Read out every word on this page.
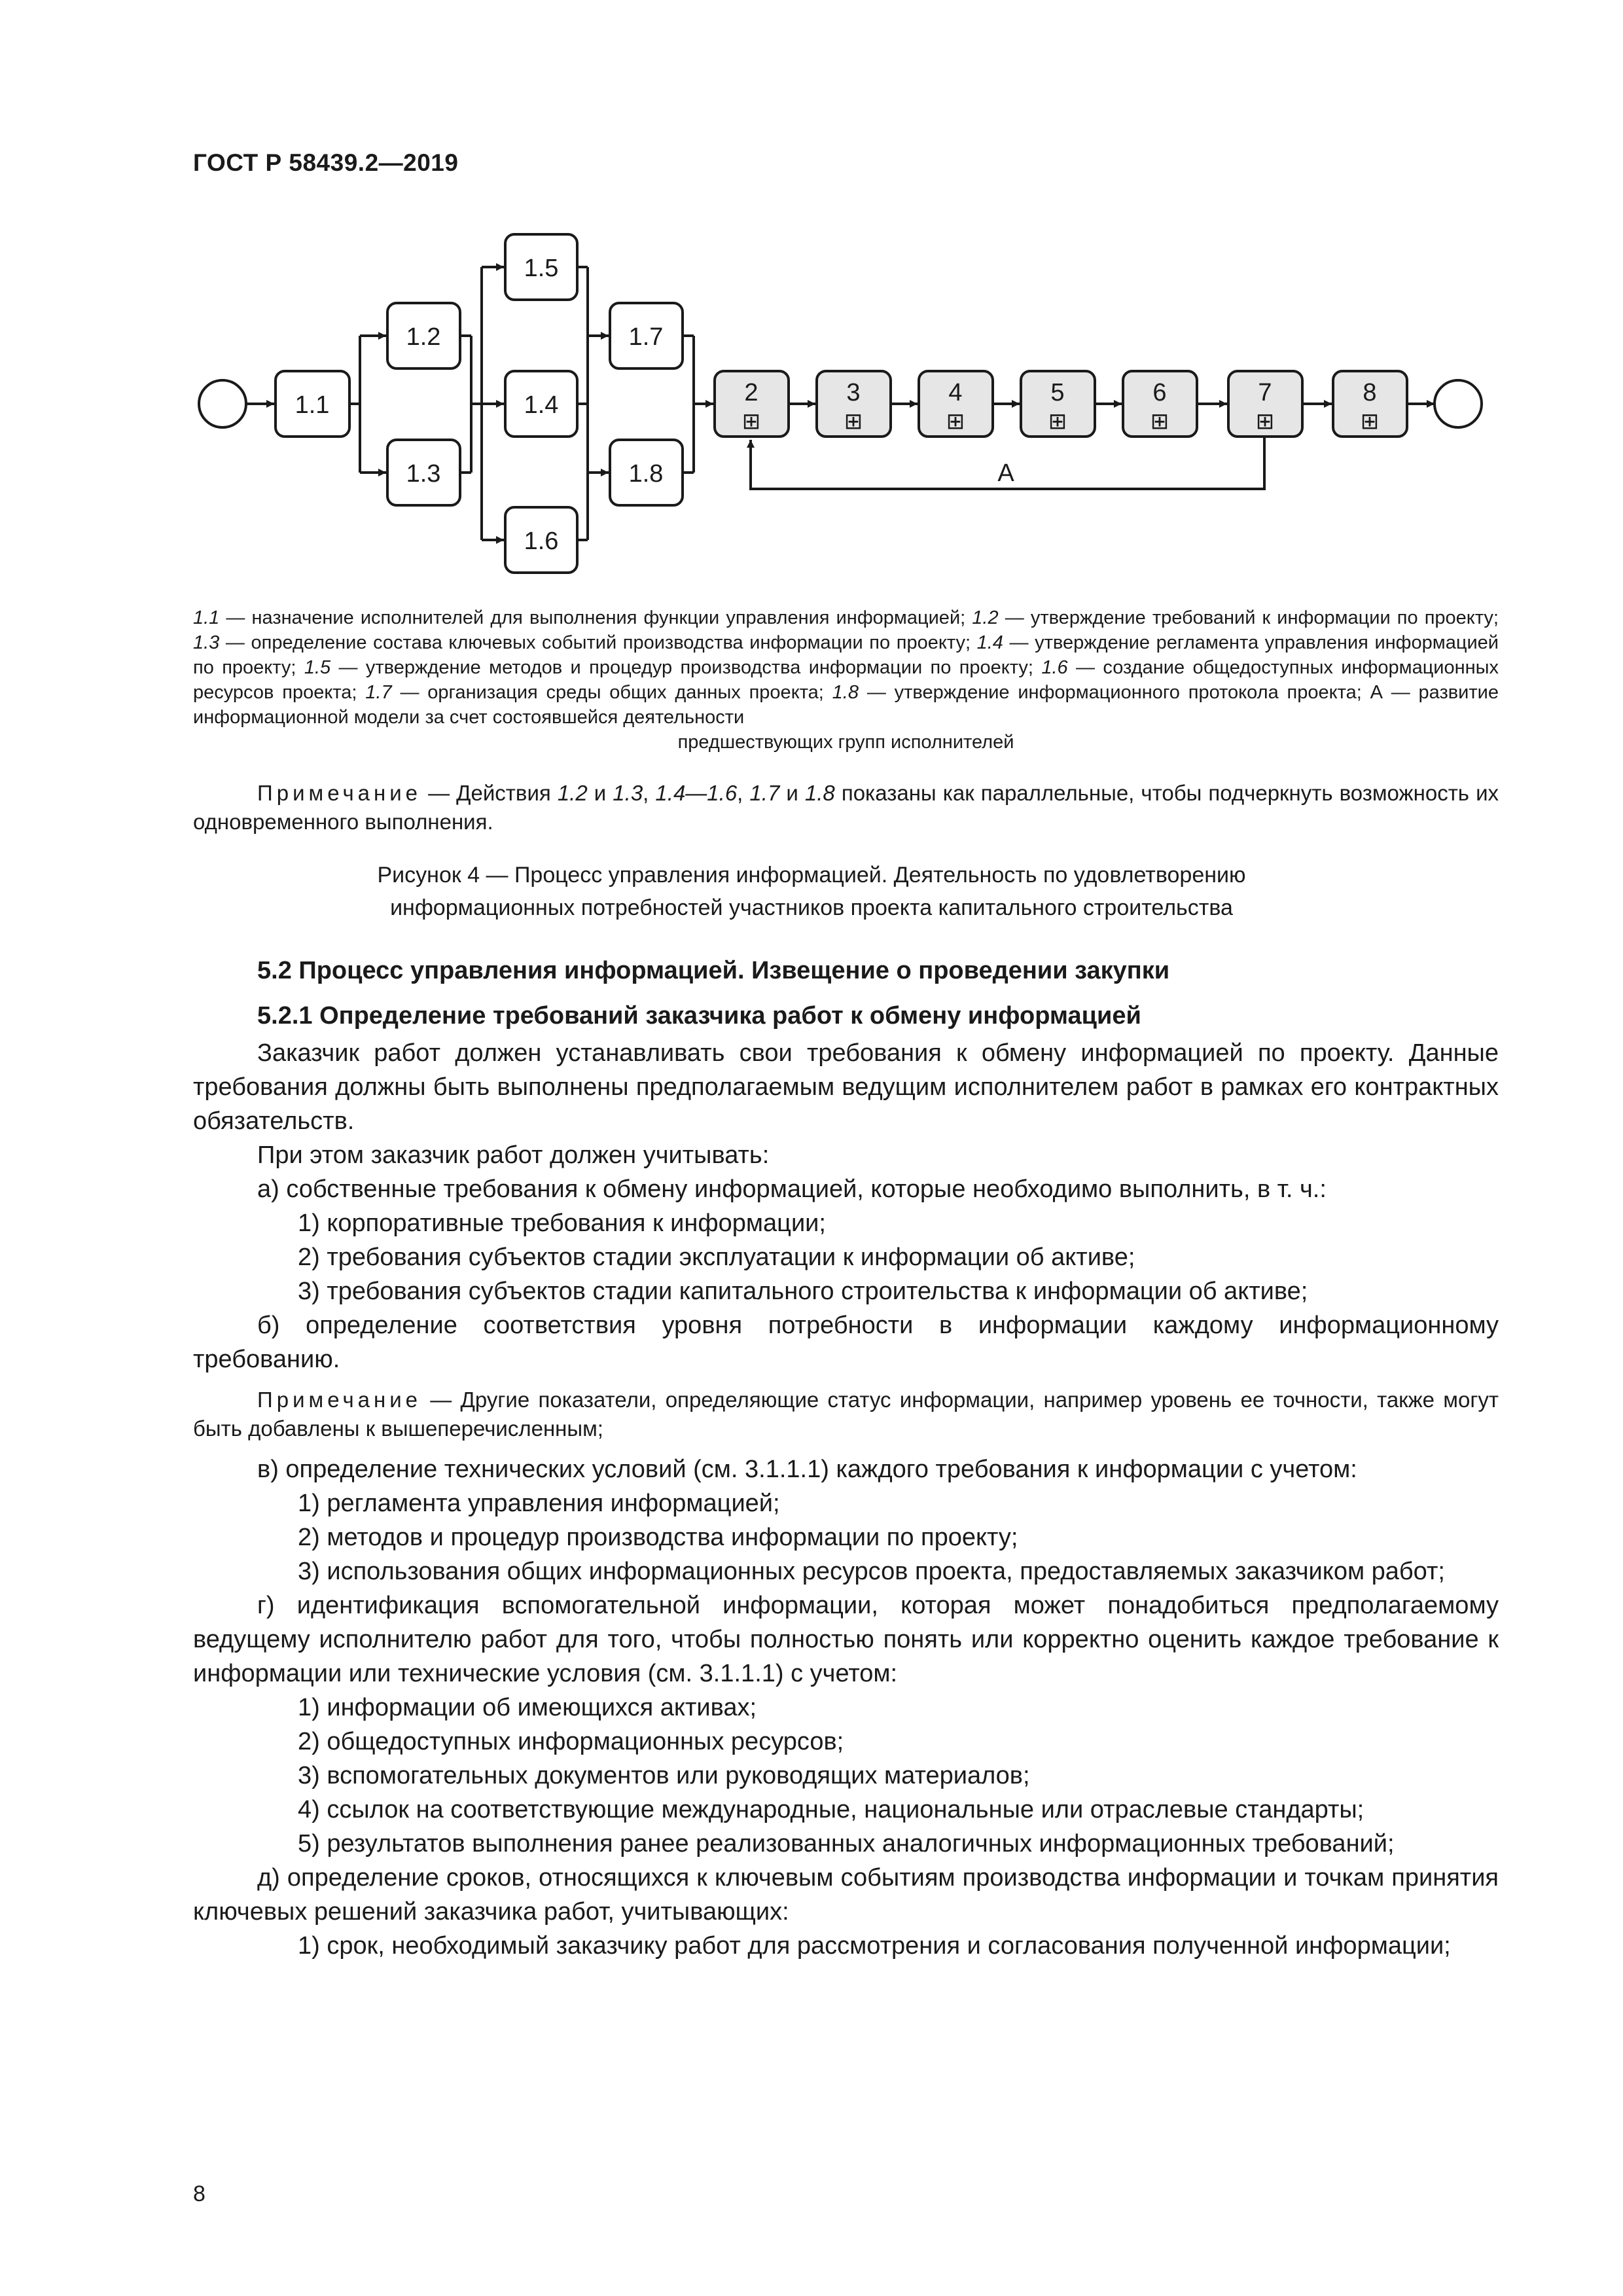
ГОСТ Р 58439.2—2019
1.1
1.2
1.3
1.4
1.5
1.6
1.7
1.8
2
⊞
3
⊞
4
⊞
5
⊞
6
⊞
7
⊞
8
⊞
А
1.1 — назначение исполнителей для выполнения функции управления информацией; 1.2 — утверждение требований к информации по проекту; 1.3 — определение состава ключевых событий производства информации по проекту; 1.4 — утверждение регламента управления информацией по проекту; 1.5 — утверждение методов и процедур производства информации по проекту; 1.6 — создание общедоступных информационных ресурсов проекта; 1.7 — организация среды общих данных проекта; 1.8 — утверждение информационного протокола проекта; А — развитие информационной модели за счет состоявшейся деятельности
предшествующих групп исполнителей
Примечание — Действия 1.2 и 1.3, 1.4—1.6, 1.7 и 1.8 показаны как параллельные, чтобы подчеркнуть возможность их одновременного выполнения.
Рисунок 4 — Процесс управления информацией. Деятельность по удовлетворению
информационных потребностей участников проекта капитального строительства
5.2 Процесс управления информацией. Извещение о проведении закупки
5.2.1 Определение требований заказчика работ к обмену информацией
Заказчик работ должен устанавливать свои требования к обмену информацией по проекту. Данные требования должны быть выполнены предполагаемым ведущим исполнителем работ в рамках его контрактных обязательств.
При этом заказчик работ должен учитывать:
а) собственные требования к обмену информацией, которые необходимо выполнить, в т. ч.:
1) корпоративные требования к информации;
2) требования субъектов стадии эксплуатации к информации об активе;
3) требования субъектов стадии капитального строительства к информации об активе;
б) определение соответствия уровня потребности в информации каждому информационному требованию.
Примечание — Другие показатели, определяющие статус информации, например уровень ее точности, также могут быть добавлены к вышеперечисленным;
в) определение технических условий (см. 3.1.1.1) каждого требования к информации с учетом:
1) регламента управления информацией;
2) методов и процедур производства информации по проекту;
3) использования общих информационных ресурсов проекта, предоставляемых заказчиком работ;
г) идентификация вспомогательной информации, которая может понадобиться предполагаемому ведущему исполнителю работ для того, чтобы полностью понять или корректно оценить каждое требование к информации или технические условия (см. 3.1.1.1) с учетом:
1) информации об имеющихся активах;
2) общедоступных информационных ресурсов;
3) вспомогательных документов или руководящих материалов;
4) ссылок на соответствующие международные, национальные или отраслевые стандарты;
5) результатов выполнения ранее реализованных аналогичных информационных требований;
д) определение сроков, относящихся к ключевым событиям производства информации и точкам принятия ключевых решений заказчика работ, учитывающих:
1) срок, необходимый заказчику работ для рассмотрения и согласования полученной информации;
8
